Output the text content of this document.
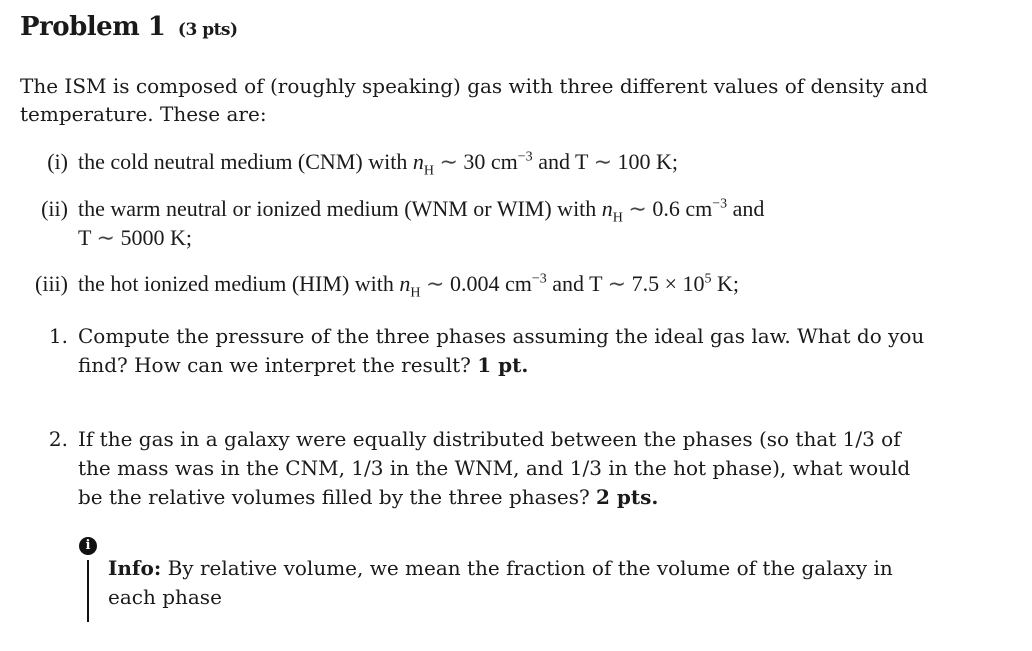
Problem 1 (3 pts)

The ISM is composed of (roughly speaking) gas with three different values of density and temperature. These are:

(i) the cold neutral medium (CNM) with $n_H$ ∼ 30 $cm^{-3}$ and T ∼ 100 K;
(ii) the warm neutral or ionized medium (WNM or WIM) with $n_H$ ∼ 0.6 $cm^{-3}$ and
T ∼ 5000 K;
(iii) the hot ionized medium (HIM) with $n_H$ ∼ 0.004 $cm^{-3}$ and T ∼ $7.5 \times 10^5$ K;
1. Compute the pressure of the three phases assuming the ideal gas law. What do you find? How can we interpret the result? 1 pt.
2. If the gas in a galaxy were equally distributed between the phases (so that 1/3 of the mass was in the CNM, 1/3 in the WNM, and 1/3 in the hot phase), what would be the relative volumes filled by the three phases? 2 pts.
i
Info: By relative volume, we mean the fraction of the volume of the galaxy in each phase
